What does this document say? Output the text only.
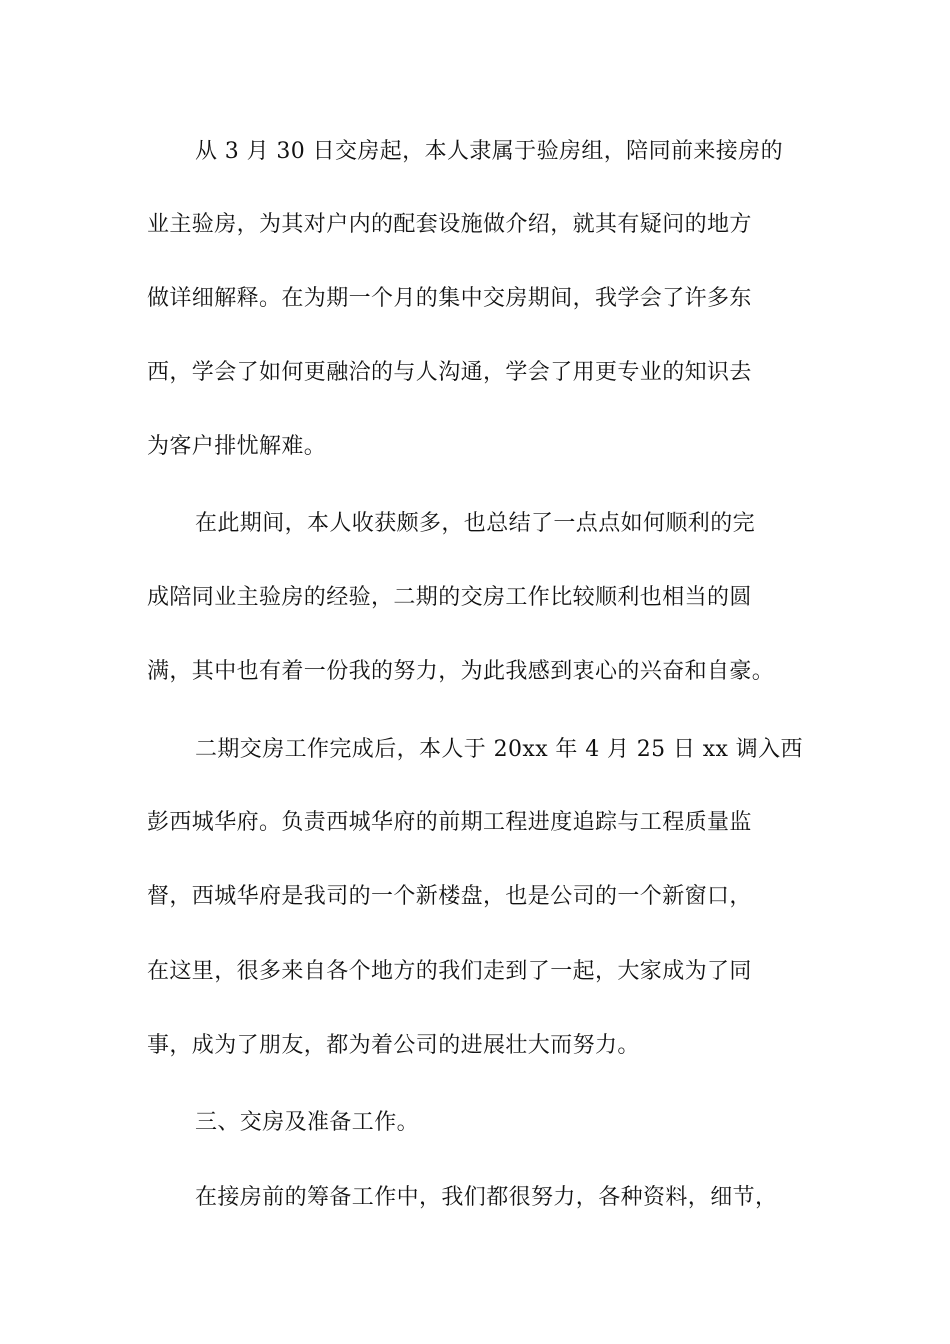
从 3 月 30 日交房起，本人隶属于验房组，陪同前来接房的
业主验房，为其对户内的配套设施做介绍，就其有疑问的地方
做详细解释。在为期一个月的集中交房期间，我学会了许多东
西，学会了如何更融洽的与人沟通，学会了用更专业的知识去
为客户排忧解难。
在此期间，本人收获颇多，也总结了一点点如何顺利的完
成陪同业主验房的经验，二期的交房工作比较顺利也相当的圆
满，其中也有着一份我的努力，为此我感到衷心的兴奋和自豪。
二期交房工作完成后，本人于 20xx 年 4 月 25 日 xx 调入西
彭西城华府。负责西城华府的前期工程进度追踪与工程质量监
督，西城华府是我司的一个新楼盘，也是公司的一个新窗口，
在这里，很多来自各个地方的我们走到了一起，大家成为了同
事，成为了朋友，都为着公司的进展壮大而努力。
三、交房及准备工作。
在接房前的筹备工作中，我们都很努力，各种资料，细节，
